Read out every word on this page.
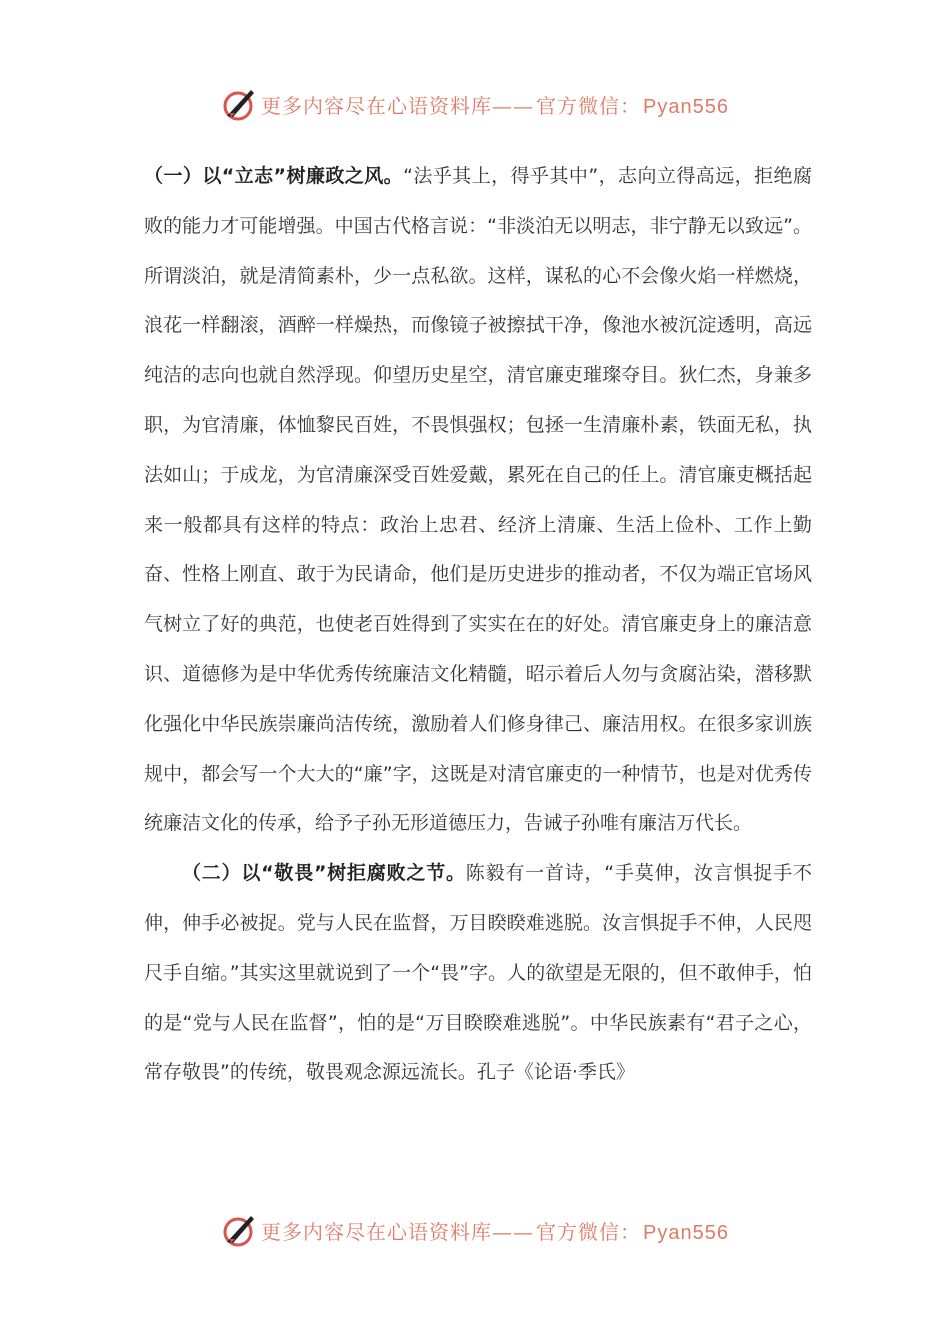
更多内容尽在心语资料库—— 官方微信： Pyan556

（一）以“立志”树廉政之风。“法乎其上，得乎其中”，志向立得高远，拒绝腐败的能力才可能增强。中国古代格言说：“非淡泊无以明志，非宁静无以致远”。所谓淡泊，就是清简素朴，少一点私欲。这样，谋私的心不会像火焰一样燃烧，浪花一样翻滚，酒醉一样燥热，而像镜子被擦拭干净，像池水被沉淀透明，高远纯洁的志向也就自然浮现。仰望历史星空，清官廉吏璀璨夺目。狄仁杰，身兼多职，为官清廉，体恤黎民百姓，不畏惧强权；包拯一生清廉朴素，铁面无私，执法如山；于成龙，为官清廉深受百姓爱戴，累死在自己的任上。清官廉吏概括起来一般都具有这样的特点：政治上忠君、经济上清廉、生活上俭朴、工作上勤奋、性格上刚直、敢于为民请命，他们是历史进步的推动者，不仅为端正官场风气树立了好的典范，也使老百姓得到了实实在在的好处。清官廉吏身上的廉洁意识、道德修为是中华优秀传统廉洁文化精髓，昭示着后人勿与贪腐沾染，潜移默化强化中华民族崇廉尚洁传统，激励着人们修身律己、廉洁用权。在很多家训族规中，都会写一个大大的“廉”字，这既是对清官廉吏的一种情节，也是对优秀传统廉洁文化的传承，给予子孙无形道德压力，告诫子孙唯有廉洁万代长。

（二）以“敬畏”树拒腐败之节。陈毅有一首诗，“手莫伸，汝言惧捉手不伸，伸手必被捉。党与人民在监督，万目睽睽难逃脱。汝言惧捉手不伸，人民咫尺手自缩。”其实这里就说到了一个“畏”字。人的欲望是无限的，但不敢伸手，怕的是“党与人民在监督”，怕的是“万目睽睽难逃脱”。中华民族素有“君子之心，常存敬畏”的传统，敬畏观念源远流长。孔子《论语·季氏》

更多内容尽在心语资料库—— 官方微信： Pyan556
